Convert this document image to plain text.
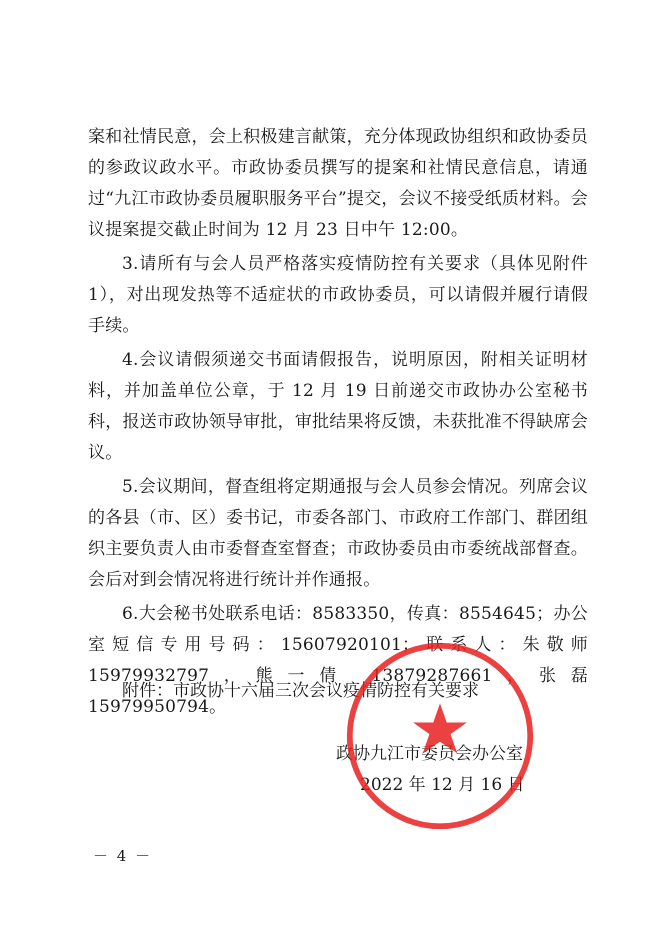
案和社情民意，会上积极建言献策，充分体现政协组织和政协委员的参政议政水平。市政协委员撰写的提案和社情民意信息，请通过“九江市政协委员履职服务平台”提交，会议不接受纸质材料。会议提案提交截止时间为 12 月 23 日中午 12:00。

3.请所有与会人员严格落实疫情防控有关要求（具体见附件 1），对出现发热等不适症状的市政协委员，可以请假并履行请假手续。

4.会议请假须递交书面请假报告，说明原因，附相关证明材料，并加盖单位公章，于 12 月 19 日前递交市政协办公室秘书科，报送市政协领导审批，审批结果将反馈，未获批准不得缺席会议。

5.会议期间，督查组将定期通报与会人员参会情况。列席会议的各县（市、区）委书记，市委各部门、市政府工作部门、群团组织主要负责人由市委督查室督查；市政协委员由市委统战部督查。会后对到会情况将进行统计并作通报。

6.大会秘书处联系电话：8583350，传真：8554645；办公室短信专用号码：15607920101；联系人：朱敬师 15979932797，熊一倩 13879287661，张磊 15979950794。

附件：市政协十六届三次会议疫情防控有关要求
政协九江市委员会办公室
2022 年 12 月 16 日
－ 4 －
